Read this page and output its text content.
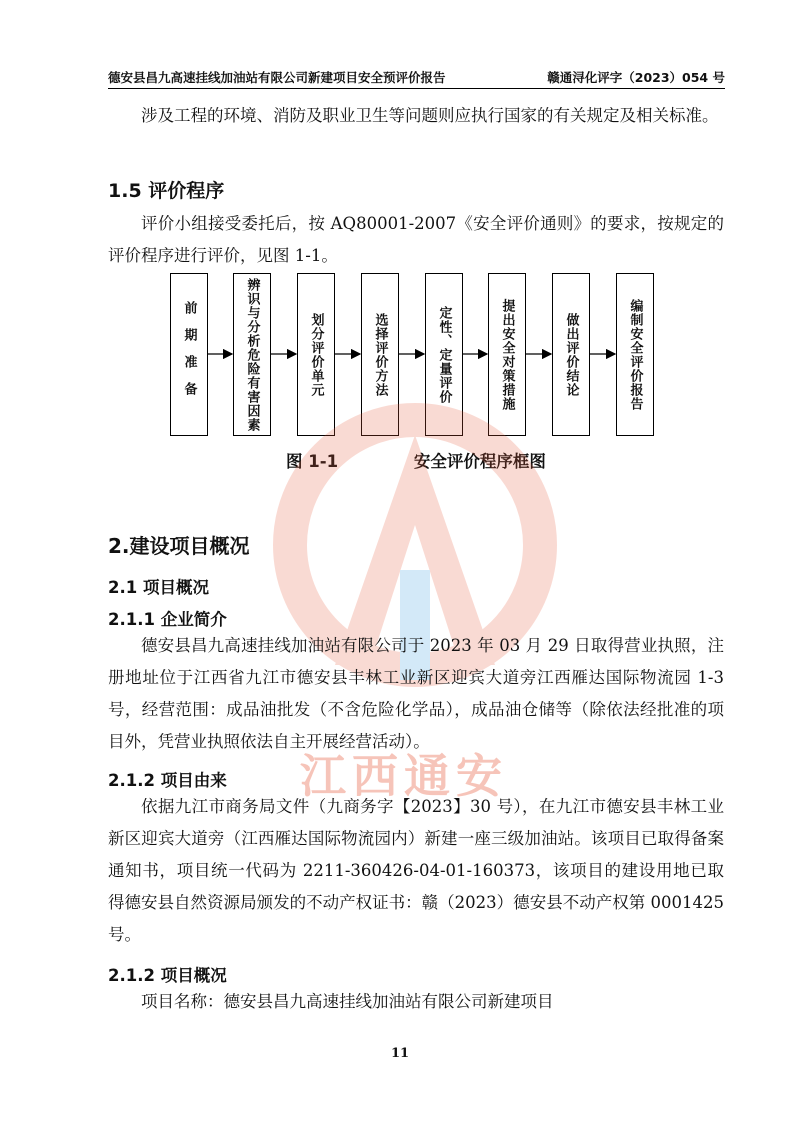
德安县昌九高速挂线加油站有限公司新建项目安全预评价报告	赣通浔化评字（2023）054 号

涉及工程的环境、消防及职业卫生等问题则应执行国家的有关规定及相关标准。

1.5 评价程序

评价小组接受委托后，按 AQ80001-2007《安全评价通则》的要求，按规定的评价程序进行评价，见图 1-1。

前期准备	辨识与分析危险有害因素	划分评价单元	选择评价方法	定性、定量评价	提出安全对策措施	做出评价结论	编制安全评价报告
图 1-1	安全评价程序框图
江西通安
2.建设项目概况
2.1 项目概况
2.1.1 企业简介

德安县昌九高速挂线加油站有限公司于 2023 年 03 月 29 日取得营业执照，注册地址位于江西省九江市德安县丰林工业新区迎宾大道旁江西雁达国际物流园 1-3 号，经营范围：成品油批发（不含危险化学品），成品油仓储等（除依法经批准的项目外，凭营业执照依法自主开展经营活动）。

2.1.2 项目由来

依据九江市商务局文件（九商务字【2023】30 号），在九江市德安县丰林工业新区迎宾大道旁（江西雁达国际物流园内）新建一座三级加油站。该项目已取得备案通知书，项目统一代码为 2211-360426-04-01-160373，该项目的建设用地已取得德安县自然资源局颁发的不动产权证书：赣（2023）德安县不动产权第 0001425 号。

2.1.2 项目概况

项目名称：德安县昌九高速挂线加油站有限公司新建项目

11
